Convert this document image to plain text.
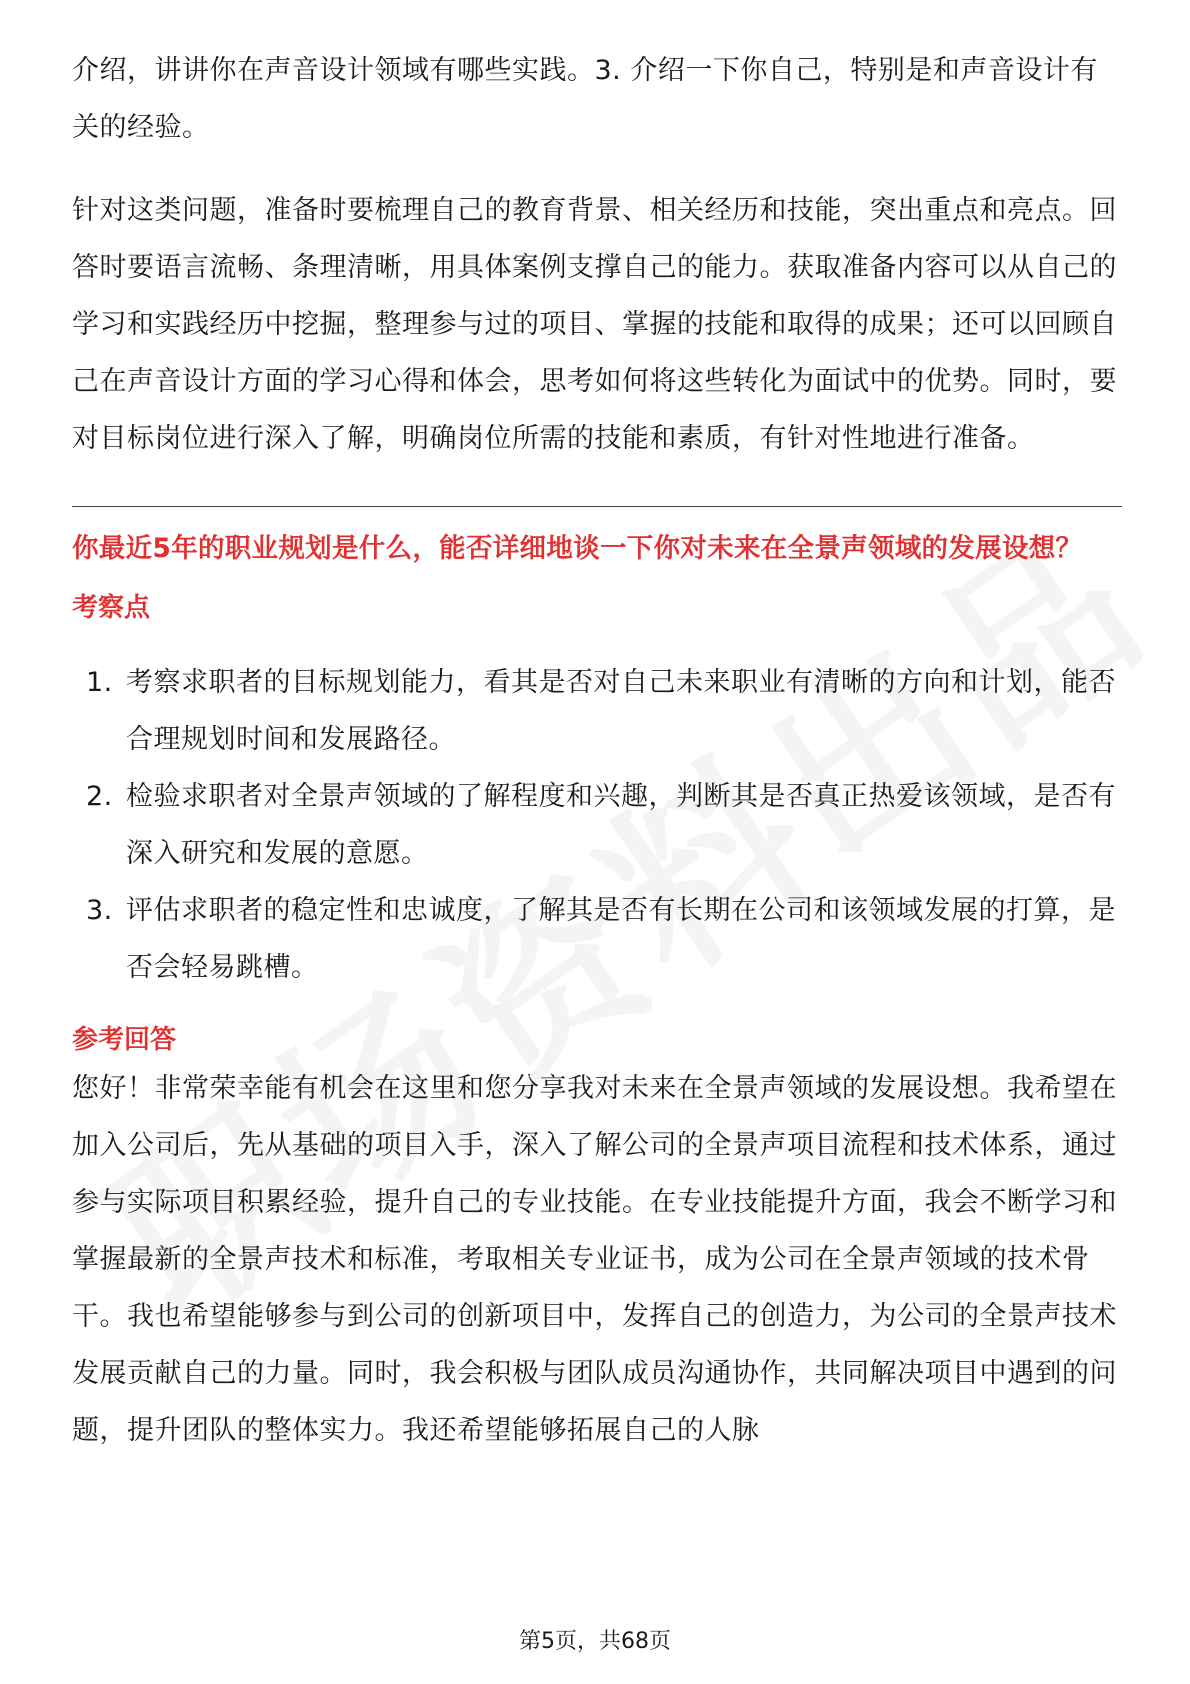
介绍，讲讲你在声音设计领域有哪些实践。3. 介绍一下你自己，特别是和声音设计有关的经验。

针对这类问题，准备时要梳理自己的教育背景、相关经历和技能，突出重点和亮点。回答时要语言流畅、条理清晰，用具体案例支撑自己的能力。获取准备内容可以从自己的学习和实践经历中挖掘，整理参与过的项目、掌握的技能和取得的成果；还可以回顾自己在声音设计方面的学习心得和体会，思考如何将这些转化为面试中的优势。同时，要对目标岗位进行深入了解，明确岗位所需的技能和素质，有针对性地进行准备。

你最近5年的职业规划是什么，能否详细地谈一下你对未来在全景声领域的发展设想？
考察点
1. 考察求职者的目标规划能力，看其是否对自己未来职业有清晰的方向和计划，能否合理规划时间和发展路径。
2. 检验求职者对全景声领域的了解程度和兴趣，判断其是否真正热爱该领域，是否有深入研究和发展的意愿。
3. 评估求职者的稳定性和忠诚度，了解其是否有长期在公司和该领域发展的打算，是否会轻易跳槽。
参考回答

您好！非常荣幸能有机会在这里和您分享我对未来在全景声领域的发展设想。我希望在加入公司后，先从基础的项目入手，深入了解公司的全景声项目流程和技术体系，通过参与实际项目积累经验，提升自己的专业技能。在专业技能提升方面，我会不断学习和掌握最新的全景声技术和标准，考取相关专业证书，成为公司在全景声领域的技术骨干。我也希望能够参与到公司的创新项目中，发挥自己的创造力，为公司的全景声技术发展贡献自己的力量。同时，我会积极与团队成员沟通协作，共同解决项目中遇到的问题，提升团队的整体实力。我还希望能够拓展自己的人脉

第5页，共68页
